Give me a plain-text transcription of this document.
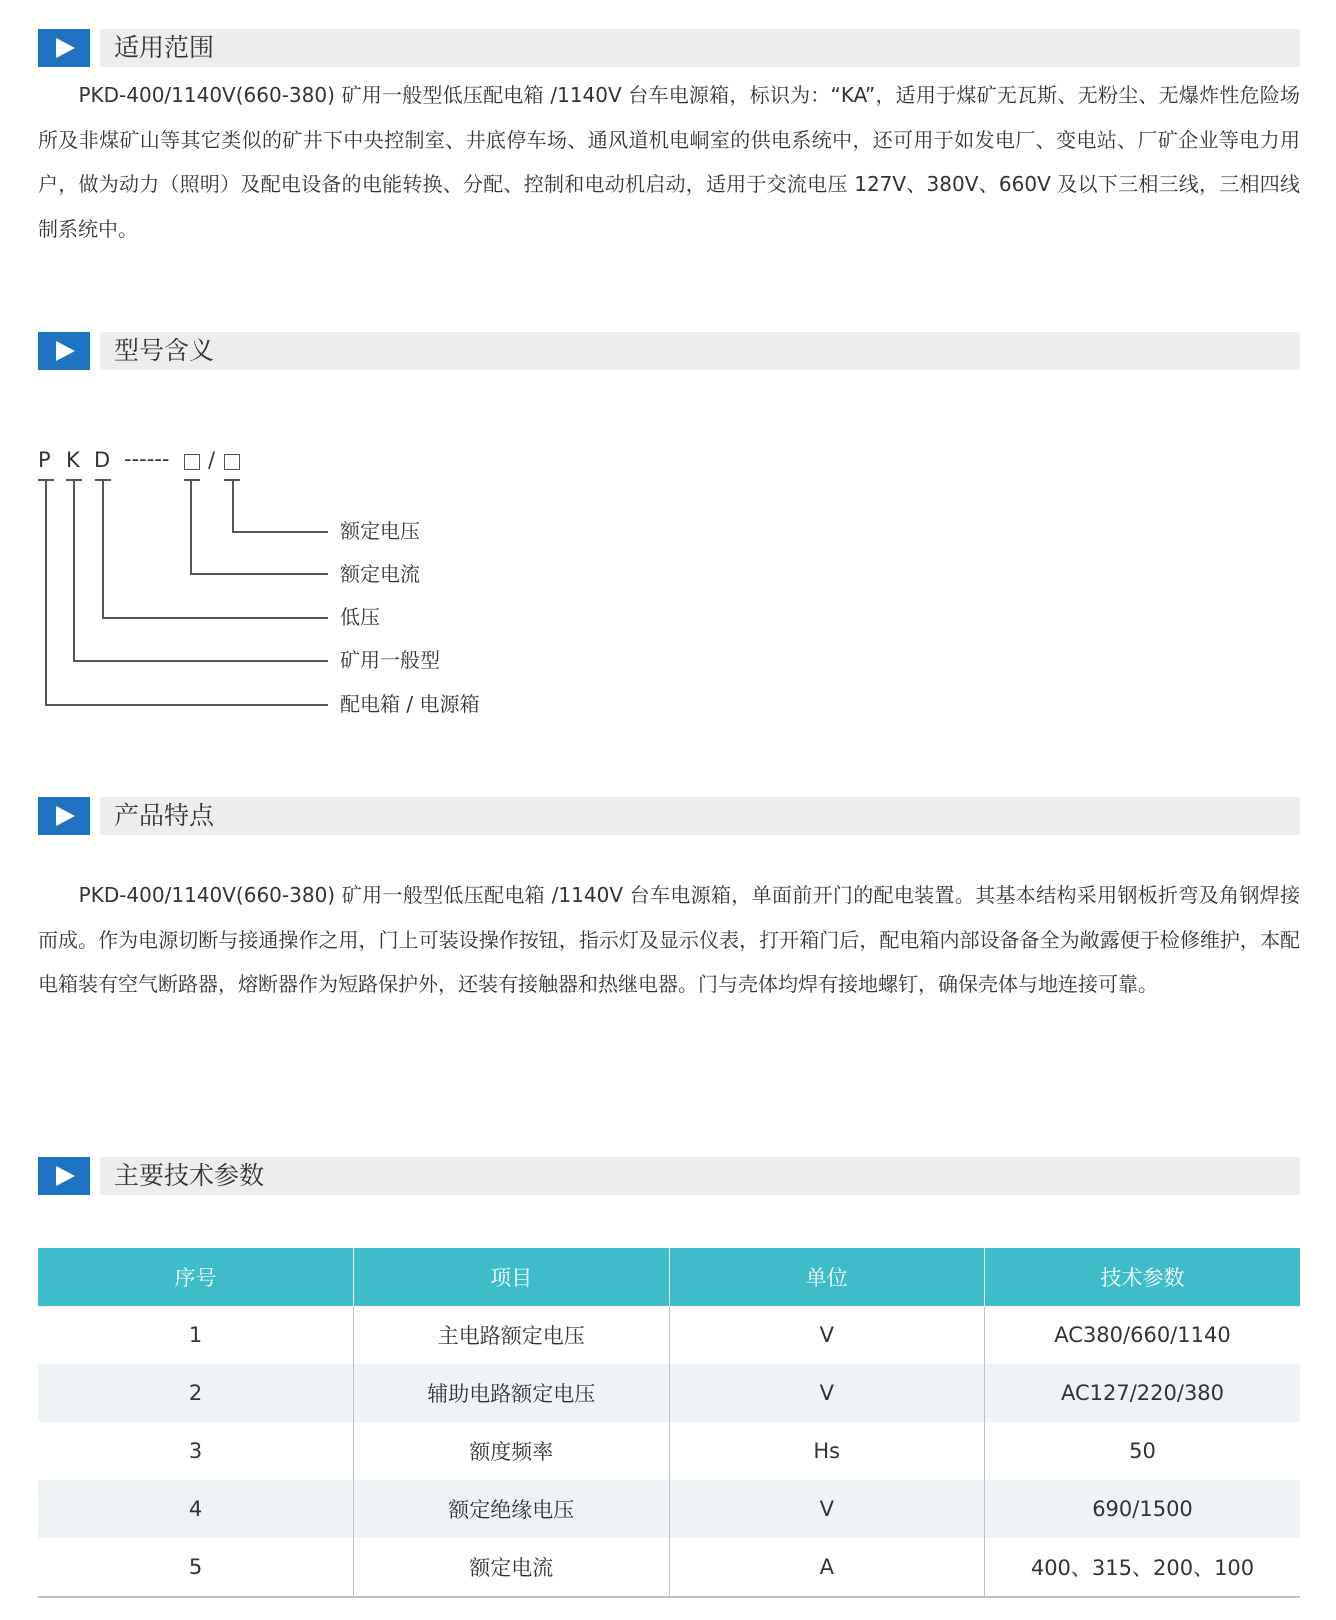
适用范围

　　PKD-400/1140V(660-380) 矿用一般型低压配电箱 /1140V 台车电源箱，标识为：“KA”，适用于煤矿无瓦斯、无粉尘、无爆炸性危险场所及非煤矿山等其它类似的矿井下中央控制室、井底停车场、通风道机电峒室的供电系统中，还可用于如发电厂、变电站、厂矿企业等电力用户，做为动力（照明）及配电设备的电能转换、分配、控制和电动机启动，适用于交流电压 127V、380V、660V 及以下三相三线，三相四线制系统中。

型号含义
P K D ------ /
额定电压
额定电流
低压
矿用一般型
配电箱 / 电源箱
产品特点

　　PKD-400/1140V(660-380) 矿用一般型低压配电箱 /1140V 台车电源箱，单面前开门的配电装置。其基本结构采用钢板折弯及角钢焊接而成。作为电源切断与接通操作之用，门上可装设操作按钮，指示灯及显示仪表，打开箱门后，配电箱内部设备备全为敞露便于检修维护，本配电箱装有空气断路器，熔断器作为短路保护外，还装有接触器和热继电器。门与壳体均焊有接地螺钉，确保壳体与地连接可靠。

主要技术参数
序号	项目	单位	技术参数
1	主电路额定电压	V	AC380/660/1140
2	辅助电路额定电压	V	AC127/220/380
3	额度频率	Hs	50
4	额定绝缘电压	V	690/1500
5	额定电流	A	400、315、200、100
